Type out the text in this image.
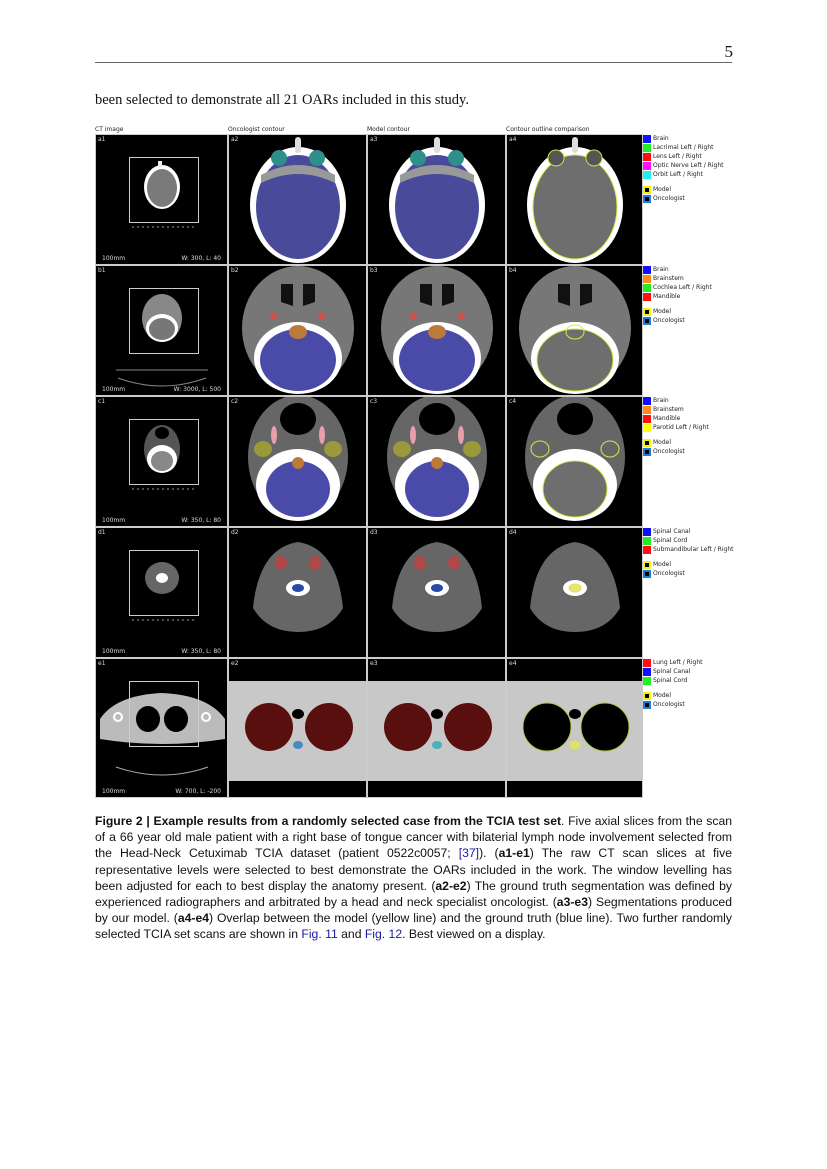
5
been selected to demonstrate all 21 OARs included in this study.
CT image	Oncologist contour	Model contour	Contour outline comparison
a1
100mm	W: 300, L: 40
a2	a3	a4	Brain
Lacrimal Left / Right
Lens Left / Right
Optic Nerve Left / Right
Orbit Left / Right
Model
Oncologist
b1
100mm	W: 3000, L: 500
b2	b3	b4	Brain
Brainstem
Cochlea Left / Right
Mandible
Model
Oncologist
c1
100mm	W: 350, L: 80
c2	c3	c4	Brain
Brainstem
Mandible
Parotid Left / Right
Model
Oncologist
d1
100mm	W: 350, L: 80
d2	d3	d4	Spinal Canal
Spinal Cord
Submandibular Left / Right
Model
Oncologist
e1
100mm	W: 700, L: -200
e2	e3	e4	Lung Left / Right
Spinal Canal
Spinal Cord
Model
Oncologist
Figure 2 | Example results from a randomly selected case from the TCIA test set. Five axial slices from the scan of a 66 year old male patient with a right base of tongue cancer with bilaterial lymph node involvement selected from the Head-Neck Cetuximab TCIA dataset (patient 0522c0057; [37]). (a1-e1) The raw CT scan slices at five representative levels were selected to best demonstrate the OARs included in the work. The window levelling has been adjusted for each to best display the anatomy present. (a2-e2) The ground truth segmentation was defined by experienced radiographers and arbitrated by a head and neck specialist oncologist. (a3-e3) Segmentations produced by our model. (a4-e4) Overlap between the model (yellow line) and the ground truth (blue line). Two further randomly selected TCIA set scans are shown in Fig. 11 and Fig. 12. Best viewed on a display.
